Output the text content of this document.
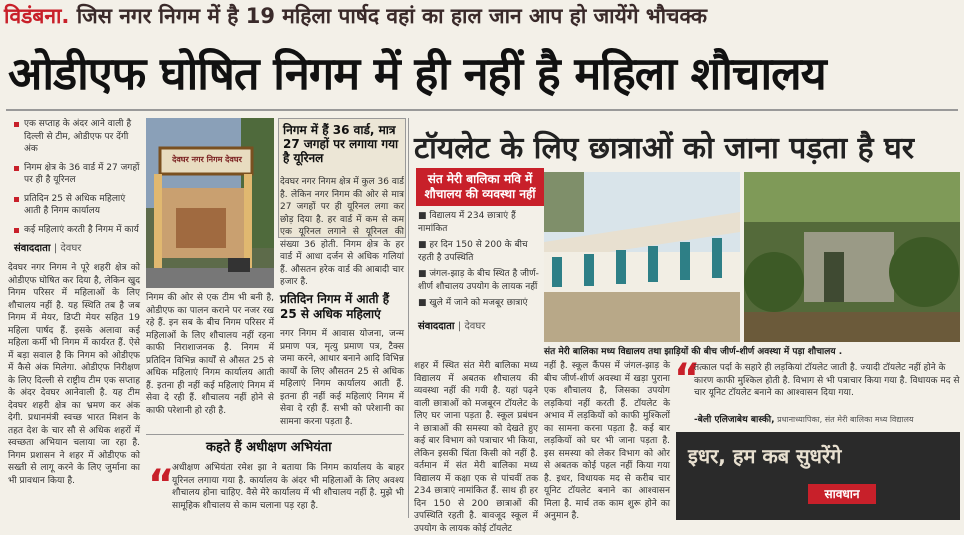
विडंबना. जिस नगर निगम में है 19 महिला पार्षद वहां का हाल जान आप हो जायेंगे भौचक्क
ओडीएफ घोषित निगम में ही नहीं है महिला शौचालय
एक सप्ताह के अंदर आने वाली है दिल्ली से टीम, ओडीएफ पर देंगी अंक
निगम क्षेत्र के 36 वार्ड में 27 जगहों पर ही है यूरिनल
प्रतिदिन 25 से अधिक महिलाएं आती है निगम कार्यालय
कई महिलाएं करती है निगम में कार्य
संवाददाता | देवघर
देवघर नगर निगम ने पूरे शहरी क्षेत्र को ओडीएफ घोषित कर दिया है, लेकिन खुद निगम परिसर में महिलाओं के लिए शौचालय नहीं है. यह स्थिति तब है जब निगम में मेयर, डिप्टी मेयर सहित 19 महिला पार्षद हैं. इसके अलावा कई महिला कर्मी भी निगम में कार्यरत हैं. ऐसे में बड़ा सवाल है कि निगम को ओडीएफ में कैसे अंक मिलेगा. ओडीएफ निरीक्षण के लिए दिल्ली से राष्ट्रीय टीम एक सप्ताह के अंदर देवघर आनेवाली है. यह टीम देवघर शहरी क्षेत्र का भ्रमण कर अंक देगी. प्रधानमंत्री स्वच्छ भारत मिशन के तहत देश के चार सौ से अधिक शहरों में स्वच्छता अभियान चलाया जा रहा है. निगम प्रशासन ने शहर में ओडीएफ को सख्ती से लागू करने के लिए जुर्माना का भी प्रावधान किया है.
देवघर नगर निगम देवघर
निगम की ओर से एक टीम भी बनी है, ओडीएफ का पालन कराने पर नजर रख रहे हैं. इन सब के बीच निगम परिसर में महिलाओं के लिए शौचालय नहीं रहना काफी निराशाजनक है. निगम में प्रतिदिन विभिन्न कार्यों से औसत 25 से अधिक महिलाएं निगम कार्यालय आती हैं. इतना ही नहीं कई महिलाएं निगम में सेवा दे रही हैं. शौचालय नहीं होने से काफी परेशानी हो रही है.
निगम में हैं 36 वार्ड, मात्र 27 जगहों पर लगाया गया है यूरिनल
देवघर नगर निगम क्षेत्र में कुल 36 वार्ड है. लेकिन नगर निगम की ओर से मात्र 27 जगहों पर ही यूरिनल लगा कर छोड़ दिया है. हर वार्ड में कम से कम एक यूरिनल लगाने से यूरिनल की संख्या 36 होती. निगम क्षेत्र के हर वार्ड में आधा दर्जन से अधिक गलियां हैं. औसतन हरेक वार्ड की आबादी चार हजार है.
प्रतिदिन निगम में आती हैं 25 से अधिक महिलाएं
नगर निगम में आवास योजना, जन्म प्रमाण पत्र, मृत्यु प्रमाण पत्र, टैक्स जमा करने, आधार बनाने आदि विभिन्न कार्यों के लिए औसतन 25 से अधिक महिलाएं निगम कार्यालय आती हैं. इतना ही नहीं कई महिलाएं निगम में सेवा दे रही हैं. सभी को परेशानी का सामना करना पड़ता है.
कहते हैं अधीक्षण अभियंता
“
अधीक्षण अभियंता रमेश झा ने बताया कि निगम कार्यालय के बाहर यूरिनल लगाया गया है. कार्यालय के अंदर भी महिलाओं के लिए अवश्य शौचालय होना चाहिए. वैसे मेरे कार्यालय में भी शौचालय नहीं है. मुझे भी सामूहिक शौचालय से काम चलाना पड़ रहा है.
टॉयलेट के लिए छात्राओं को जाना पड़ता है घर
संत मेरी बालिका मवि में शौचालय की व्यवस्था नहीं
■ विद्यालय में 234 छात्राएं हैं नामांकित
■ हर दिन 150 से 200 के बीच रहती है उपस्थिति
■ जंगल-झाड़ के बीच स्थित है जीर्ण-शीर्ण शौचालय उपयोग के लायक नहीं
■ खुले में जाने को मजबूर छात्राएं
संवाददाता | देवघर
संत मेरी बालिका मध्य विद्यालय तथा झाड़ियों की बीच जीर्ण-शीर्ण अवस्था में पड़ा शौचालय .
शहर में स्थित संत मेरी बालिका मध्य विद्यालय में अबतक शौचालय की व्यवस्था नहीं की गयी है. यहां पढ़ने वाली छात्राओं को मजबूरन टॉयलेट के लिए घर जाना पड़ता है. स्कूल प्रबंधन ने छात्राओं की समस्या को देखते हुए कई बार विभाग को पत्राचार भी किया, लेकिन इसकी चिंता किसी को नहीं है. वर्तमान में संत मेरी बालिका मध्य विद्यालय में कक्षा एक से पांचवीं तक 234 छात्राएं नामांकित हैं. साथ ही हर दिन 150 से 200 छात्राओं की उपस्थिति रहती है. बावजूद स्कूल में उपयोग के लायक कोई टॉयलेट
नहीं है. स्कूल कैंपस में जंगल-झाड़ के बीच जीर्ण-शीर्ण अवस्था में खड़ा पुराना एक शौचालय है, जिसका उपयोग लड़कियां नहीं करती हैं. टॉयलेट के अभाव में लड़कियों को काफी मुश्किलों का सामना करना पड़ता है. कई बार लड़कियों को घर भी जाना पड़ता है. इस समस्या को लेकर विभाग को ओर से अबतक कोई पहल नहीं किया गया है. इधर, विधायक मद से करीब चार यूनिट टॉयलेट बनाने का आश्वासन मिला है. मार्च तक काम शुरू होने का अनुमान है.
“
तत्काल पर्दा के सहारे ही लड़कियां टॉयलेट जाती है. ज्यादी टॉयलेट नहीं होने के कारण काफी मुश्किल होती है. विभाग से भी पत्राचार किया गया है. विधायक मद से चार यूनिट टॉयलेट बनाने का आश्वासन दिया गया.
-बेली एलिजाबेथ बास्की, प्रधानाध्यापिका, संत मेरी बालिका मध्य विद्यालय
इधर, हम कब सुधरेंगे
सावधान
